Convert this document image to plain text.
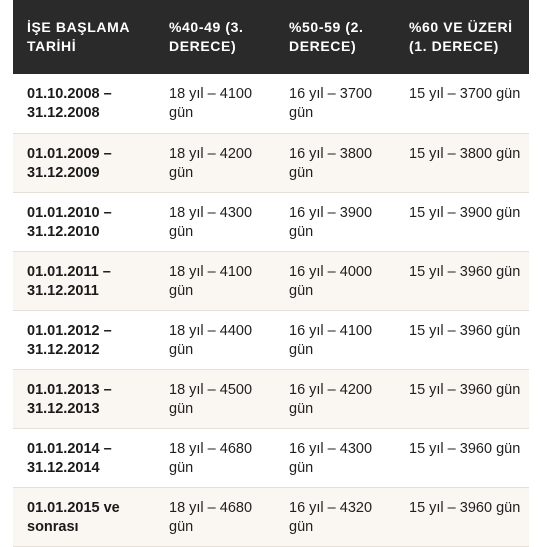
İŞE BAŞLAMA TARİHİ	%40-49 (3. DERECE)	%50-59 (2. DERECE)	%60 VE ÜZERİ (1. DERECE)
01.10.2008 – 31.12.2008	18 yıl – 4100 gün	16 yıl – 3700 gün	15 yıl – 3700 gün
01.01.2009 – 31.12.2009	18 yıl – 4200 gün	16 yıl – 3800 gün	15 yıl – 3800 gün
01.01.2010 – 31.12.2010	18 yıl – 4300 gün	16 yıl – 3900 gün	15 yıl – 3900 gün
01.01.2011 – 31.12.2011	18 yıl – 4100 gün	16 yıl – 4000 gün	15 yıl – 3960 gün
01.01.2012 – 31.12.2012	18 yıl – 4400 gün	16 yıl – 4100 gün	15 yıl – 3960 gün
01.01.2013 – 31.12.2013	18 yıl – 4500 gün	16 yıl – 4200 gün	15 yıl – 3960 gün
01.01.2014 – 31.12.2014	18 yıl – 4680 gün	16 yıl – 4300 gün	15 yıl – 3960 gün
01.01.2015 ve sonrası	18 yıl – 4680 gün	16 yıl – 4320 gün	15 yıl – 3960 gün
